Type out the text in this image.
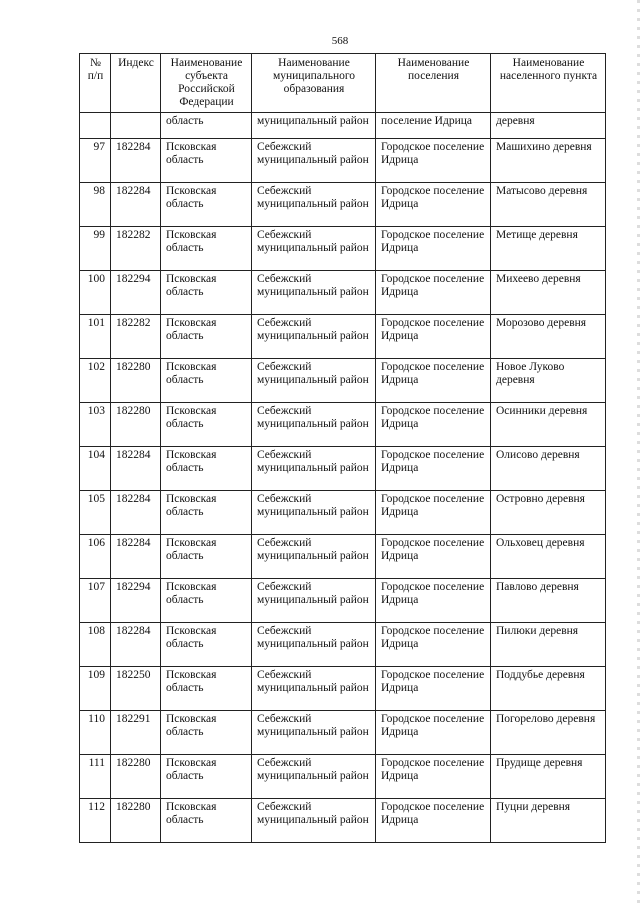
568
№ п/п	Индекс	Наименование субъекта Российской Федерации	Наименование муниципального образования	Наименование поселения	Наименование населенного пункта
		область	муниципальный район	поселение Идрица	деревня
97	182284	Псковская область	Себежский муниципальный район	Городское поселение Идрица	Машихино деревня
98	182284	Псковская область	Себежский муниципальный район	Городское поселение Идрица	Матысово деревня
99	182282	Псковская область	Себежский муниципальный район	Городское поселение Идрица	Метище деревня
100	182294	Псковская область	Себежский муниципальный район	Городское поселение Идрица	Михеево деревня
101	182282	Псковская область	Себежский муниципальный район	Городское поселение Идрица	Морозово деревня
102	182280	Псковская область	Себежский муниципальный район	Городское поселение Идрица	Новое Луково деревня
103	182280	Псковская область	Себежский муниципальный район	Городское поселение Идрица	Осинники деревня
104	182284	Псковская область	Себежский муниципальный район	Городское поселение Идрица	Олисово деревня
105	182284	Псковская область	Себежский муниципальный район	Городское поселение Идрица	Островно деревня
106	182284	Псковская область	Себежский муниципальный район	Городское поселение Идрица	Ольховец деревня
107	182294	Псковская область	Себежский муниципальный район	Городское поселение Идрица	Павлово деревня
108	182284	Псковская область	Себежский муниципальный район	Городское поселение Идрица	Пилюки деревня
109	182250	Псковская область	Себежский муниципальный район	Городское поселение Идрица	Поддубье деревня
110	182291	Псковская область	Себежский муниципальный район	Городское поселение Идрица	Погорелово деревня
111	182280	Псковская область	Себежский муниципальный район	Городское поселение Идрица	Прудище деревня
112	182280	Псковская область	Себежский муниципальный район	Городское поселение Идрица	Пуцни деревня
